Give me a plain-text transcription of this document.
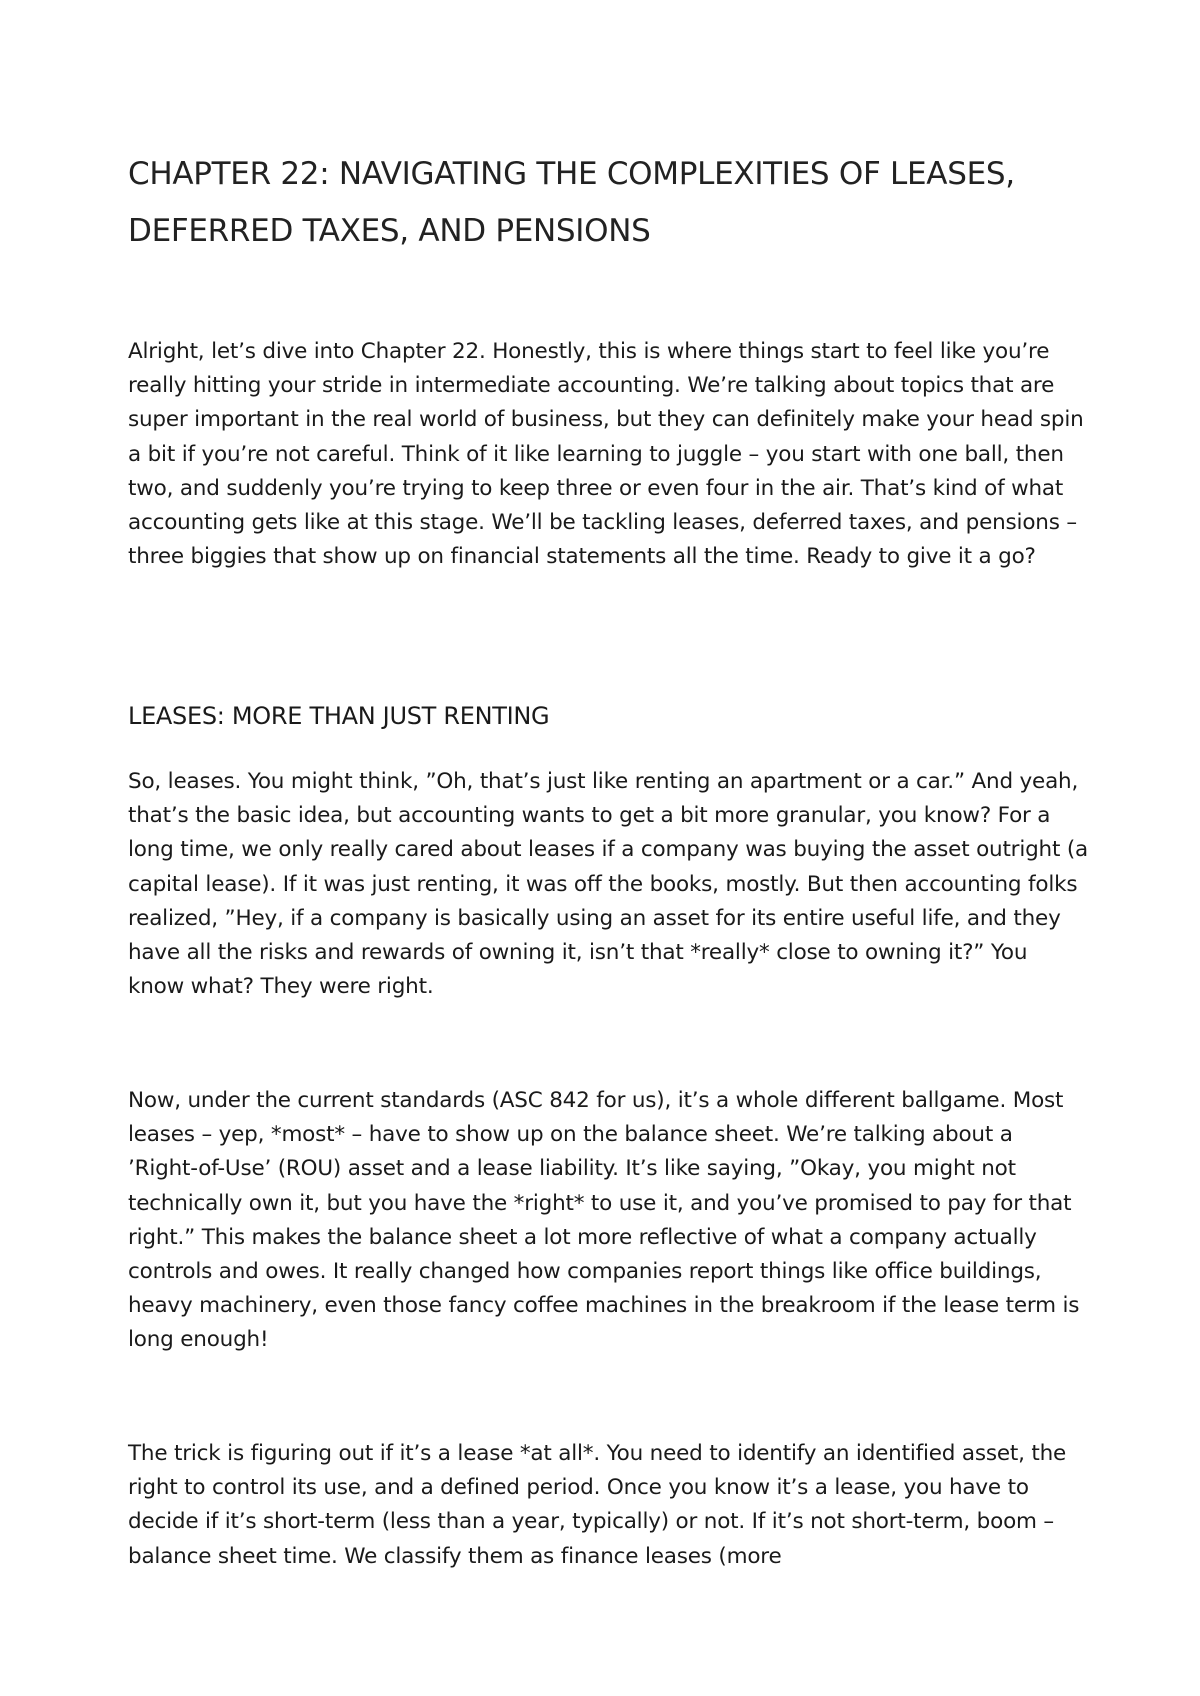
CHAPTER 22: NAVIGATING THE COMPLEXITIES OF LEASES, DEFERRED TAXES, AND PENSIONS

Alright, let’s dive into Chapter 22. Honestly, this is where things start to feel like you’re really hitting your stride in intermediate accounting. We’re talking about topics that are super important in the real world of business, but they can definitely make your head spin a bit if you’re not careful. Think of it like learning to juggle – you start with one ball, then two, and suddenly you’re trying to keep three or even four in the air. That’s kind of what accounting gets like at this stage. We’ll be tackling leases, deferred taxes, and pensions – three biggies that show up on financial statements all the time. Ready to give it a go?

LEASES: MORE THAN JUST RENTING

So, leases. You might think, ”Oh, that’s just like renting an apartment or a car.” And yeah, that’s the basic idea, but accounting wants to get a bit more granular, you know? For a long time, we only really cared about leases if a company was buying the asset outright (a capital lease). If it was just renting, it was off the books, mostly. But then accounting folks realized, ”Hey, if a company is basically using an asset for its entire useful life, and they have all the risks and rewards of owning it, isn’t that *really* close to owning it?” You know what? They were right.

Now, under the current standards (ASC 842 for us), it’s a whole different ballgame. Most leases – yep, *most* – have to show up on the balance sheet. We’re talking about a ’Right-of-Use’ (ROU) asset and a lease liability. It’s like saying, ”Okay, you might not technically own it, but you have the *right* to use it, and you’ve promised to pay for that right.” This makes the balance sheet a lot more reflective of what a company actually controls and owes. It really changed how companies report things like office buildings, heavy machinery, even those fancy coffee machines in the breakroom if the lease term is long enough!

The trick is figuring out if it’s a lease *at all*. You need to identify an identified asset, the right to control its use, and a defined period. Once you know it’s a lease, you have to decide if it’s short-term (less than a year, typically) or not. If it’s not short-term, boom – balance sheet time. We classify them as finance leases (more
